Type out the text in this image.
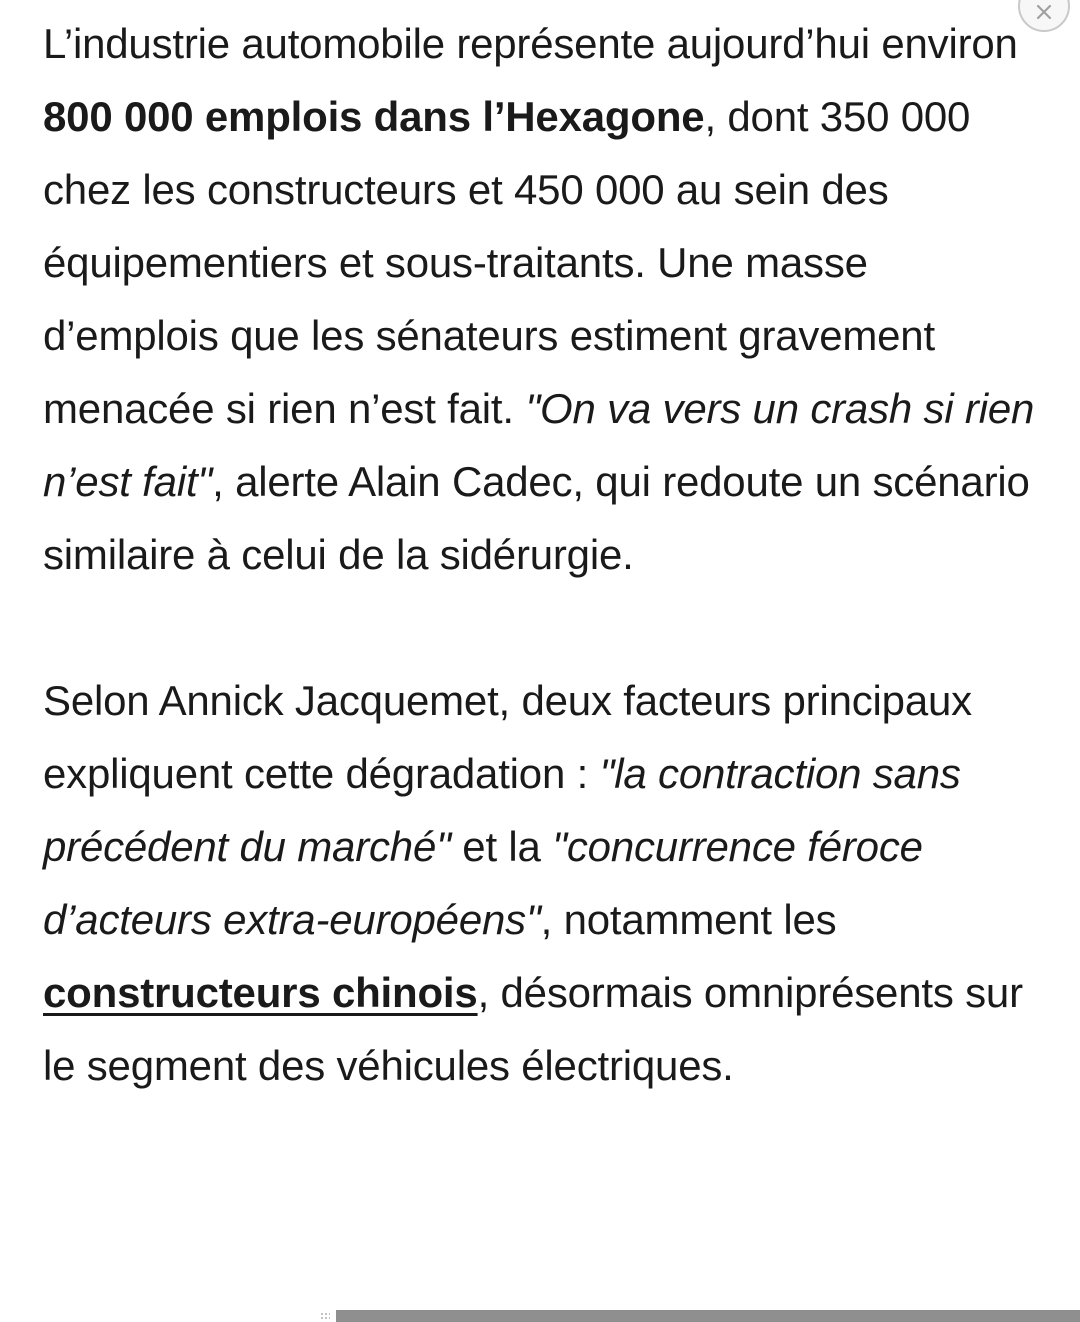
L’industrie automobile représente aujourd’hui environ 800 000 emplois dans l’Hexagone, dont 350 000 chez les constructeurs et 450 000 au sein des équipementiers et sous-traitants. Une masse d’emplois que les sénateurs estiment gravement menacée si rien n’est fait. "On va vers un crash si rien n’est fait", alerte Alain Cadec, qui redoute un scénario similaire à celui de la sidérurgie.

Selon Annick Jacquemet, deux facteurs principaux expliquent cette dégradation : "la contraction sans précédent du marché" et la "concurrence féroce d’acteurs extra-européens", notamment les constructeurs chinois, désormais omniprésents sur le segment des véhicules électriques.
